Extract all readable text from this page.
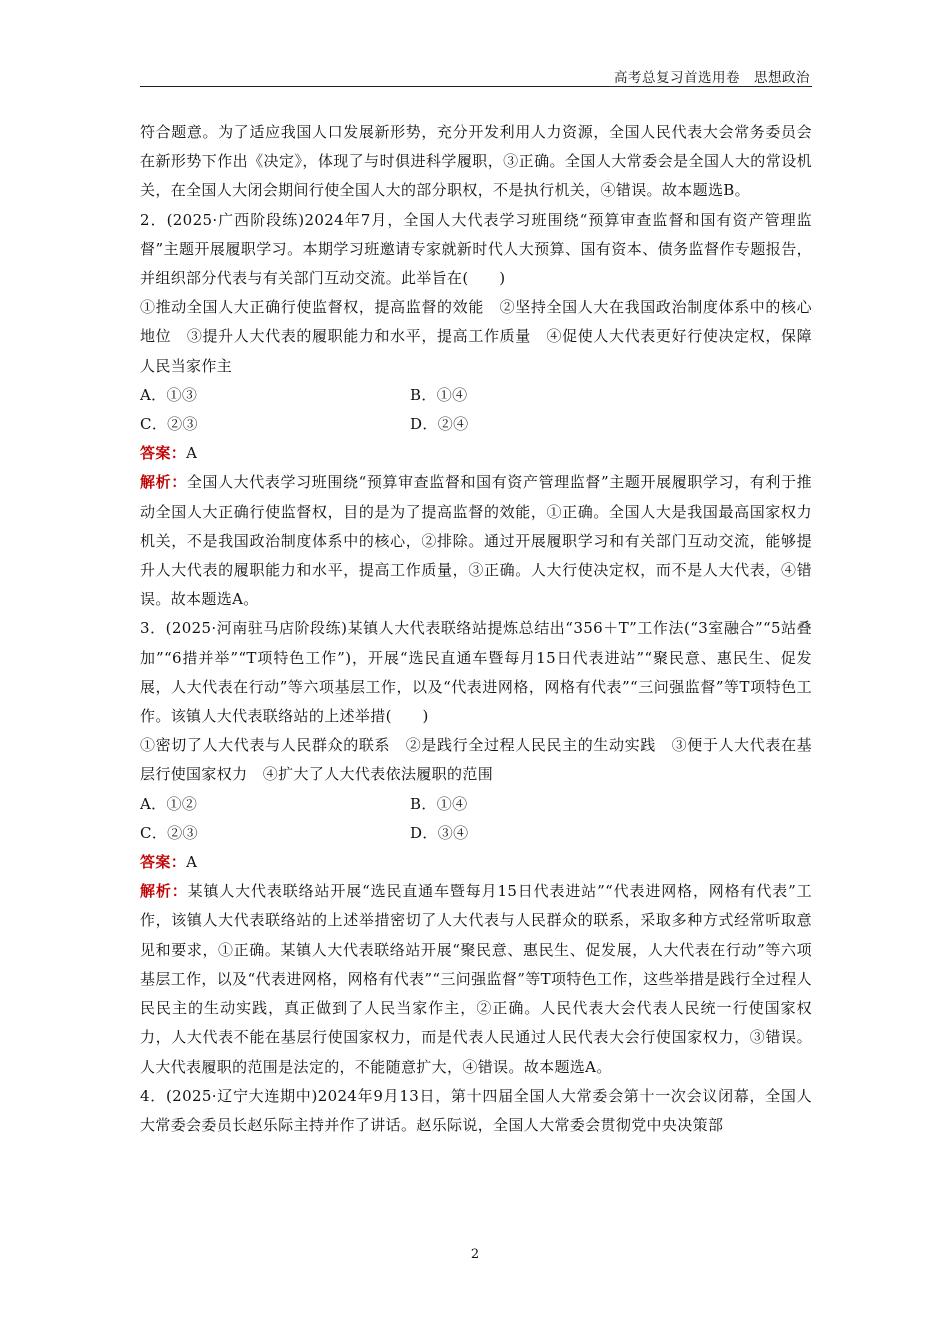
高考总复习首选用卷　思想政治

符合题意。为了适应我国人口发展新形势，充分开发利用人力资源，全国人民代表大会常务委员会在新形势下作出《决定》，体现了与时俱进科学履职，③正确。全国人大常委会是全国人大的常设机关，在全国人大闭会期间行使全国人大的部分职权，不是执行机关，④错误。故本题选B。

2．(2025·广西阶段练)2024年7月，全国人大代表学习班围绕“预算审查监督和国有资产管理监督”主题开展履职学习。本期学习班邀请专家就新时代人大预算、国有资本、债务监督作专题报告，并组织部分代表与有关部门互动交流。此举旨在(　　)

①推动全国人大正确行使监督权，提高监督的效能　②坚持全国人大在我国政治制度体系中的核心地位　③提升人大代表的履职能力和水平，提高工作质量　④促使人大代表更好行使决定权，保障人民当家作主

A．①③	B．①④
C．②③	D．②④

答案：A

解析：全国人大代表学习班围绕“预算审查监督和国有资产管理监督”主题开展履职学习，有利于推动全国人大正确行使监督权，目的是为了提高监督的效能，①正确。全国人大是我国最高国家权力机关，不是我国政治制度体系中的核心，②排除。通过开展履职学习和有关部门互动交流，能够提升人大代表的履职能力和水平，提高工作质量，③正确。人大行使决定权，而不是人大代表，④错误。故本题选A。

3．(2025·河南驻马店阶段练)某镇人大代表联络站提炼总结出“356＋T”工作法(“3室融合”“5站叠加”“6措并举”“T项特色工作”)，开展“选民直通车暨每月15日代表进站”“聚民意、惠民生、促发展，人大代表在行动”等六项基层工作，以及“代表进网格，网格有代表”“三问强监督”等T项特色工作。该镇人大代表联络站的上述举措(　　)

①密切了人大代表与人民群众的联系　②是践行全过程人民民主的生动实践　③便于人大代表在基层行使国家权力　④扩大了人大代表依法履职的范围

A．①②	B．①④
C．②③	D．③④

答案：A

解析：某镇人大代表联络站开展“选民直通车暨每月15日代表进站”“代表进网格，网格有代表”工作，该镇人大代表联络站的上述举措密切了人大代表与人民群众的联系，采取多种方式经常听取意见和要求，①正确。某镇人大代表联络站开展“聚民意、惠民生、促发展，人大代表在行动”等六项基层工作，以及“代表进网格，网格有代表”“三问强监督”等T项特色工作，这些举措是践行全过程人民民主的生动实践，真正做到了人民当家作主，②正确。人民代表大会代表人民统一行使国家权力，人大代表不能在基层行使国家权力，而是代表人民通过人民代表大会行使国家权力，③错误。人大代表履职的范围是法定的，不能随意扩大，④错误。故本题选A。

4．(2025·辽宁大连期中)2024年9月13日，第十四届全国人大常委会第十一次会议闭幕，全国人大常委会委员长赵乐际主持并作了讲话。赵乐际说，全国人大常委会贯彻党中央决策部

2
